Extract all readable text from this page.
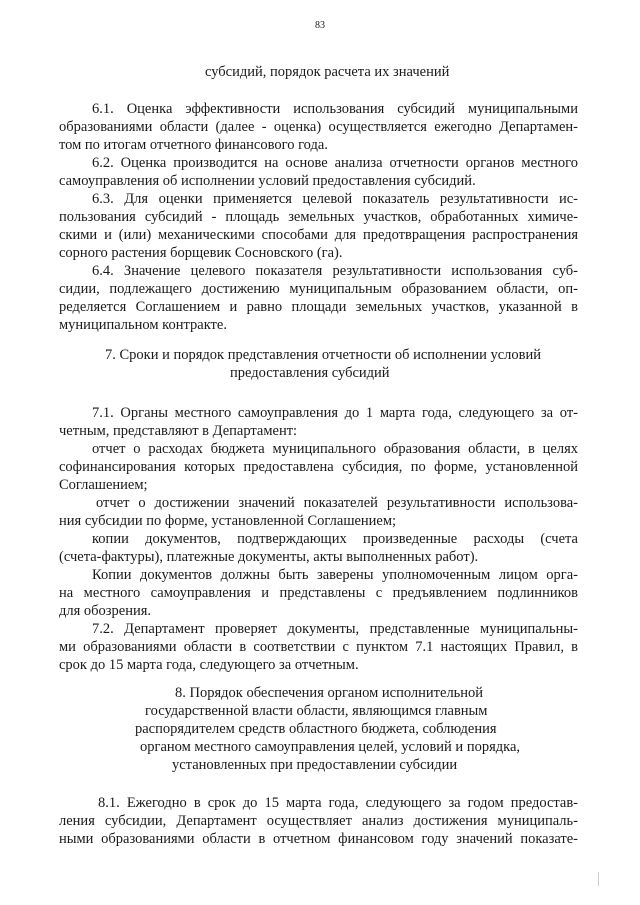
83
субсидий, порядок расчета их значений
6.1. Оценка эффективности использования субсидий муниципальными
образованиями области (далее - оценка) осуществляется ежегодно Департамен-
том по итогам отчетного финансового года.
6.2. Оценка производится на основе анализа отчетности органов местного
самоуправления об исполнении условий предоставления субсидий.
6.3. Для оценки применяется целевой показатель результативности ис-
пользования субсидий - площадь земельных участков, обработанных химиче-
скими и (или) механическими способами для предотвращения распространения
сорного растения борщевик Сосновского (га).
6.4. Значение целевого показателя результативности использования суб-
сидии, подлежащего достижению муниципальным образованием области, оп-
ределяется Соглашением и равно площади земельных участков, указанной в
муниципальном контракте.
7. Сроки и порядок представления отчетности об исполнении условий
предоставления субсидий
7.1. Органы местного самоуправления до 1 марта года, следующего за от-
четным, представляют в Департамент:
отчет о расходах бюджета муниципального образования области, в целях
софинансирования которых предоставлена субсидия, по форме, установленной
Соглашением;
отчет о достижении значений показателей результативности использова-
ния субсидии по форме, установленной Соглашением;
копии документов, подтверждающих произведенные расходы (счета
(счета-фактуры), платежные документы, акты выполненных работ).
Копии документов должны быть заверены уполномоченным лицом орга-
на местного самоуправления и представлены с предъявлением подлинников
для обозрения.
7.2. Департамент проверяет документы, представленные муниципальны-
ми образованиями области в соответствии с пунктом 7.1 настоящих Правил, в
срок до 15 марта года, следующего за отчетным.
8. Порядок обеспечения органом исполнительной
государственной власти области, являющимся главным
распорядителем средств областного бюджета, соблюдения
органом местного самоуправления целей, условий и порядка,
установленных при предоставлении субсидии
8.1. Ежегодно в срок до 15 марта года, следующего за годом предостав-
ления субсидии, Департамент осуществляет анализ достижения муниципаль-
ными образованиями области в отчетном финансовом году значений показате-
